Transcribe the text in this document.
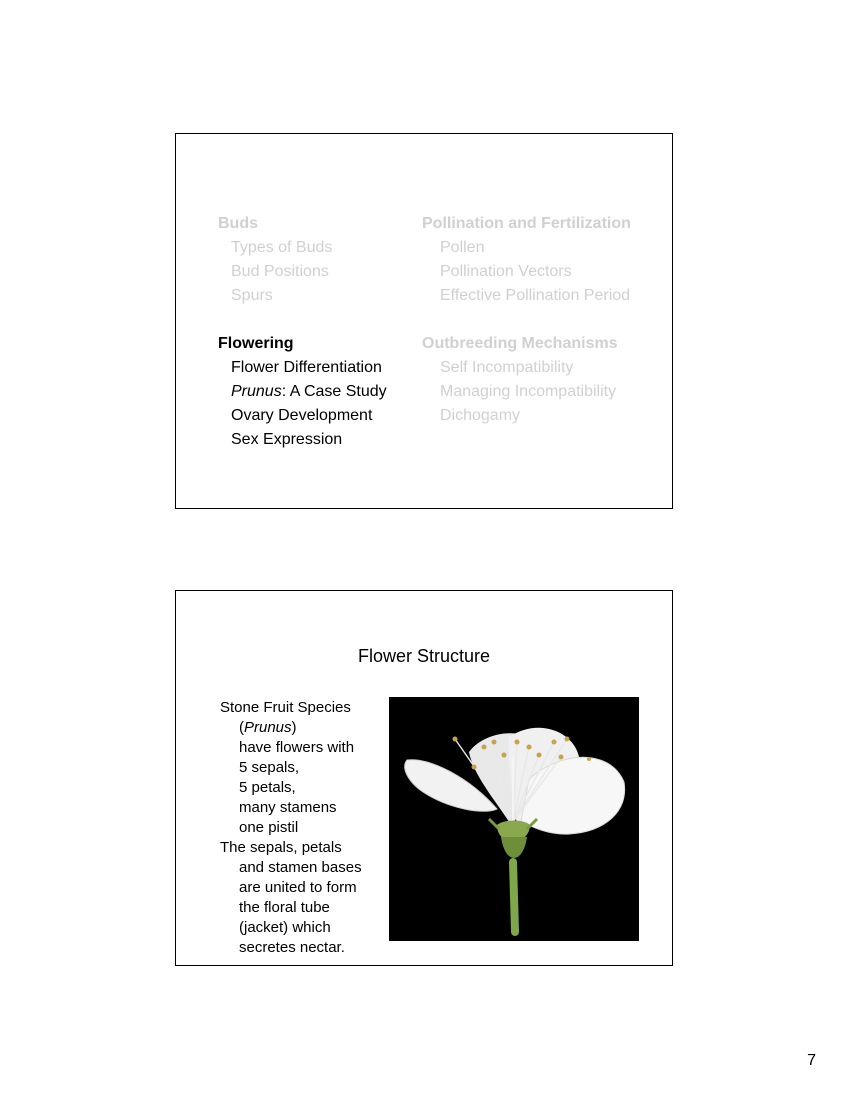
Buds
Types of Buds
Bud Positions
Spurs
Flowering
Flower Differentiation
Prunus: A Case Study
Ovary Development
Sex Expression
Pollination and Fertilization
Pollen
Pollination Vectors
Effective Pollination Period
Outbreeding Mechanisms
Self Incompatibility
Managing Incompatibility
Dichogamy
Flower Structure
Stone Fruit Species
(Prunus)
have flowers with
5 sepals,
5 petals,
many stamens
one pistil
The sepals, petals
and stamen bases
are united to form
the floral tube
(jacket) which
secretes nectar.
7
